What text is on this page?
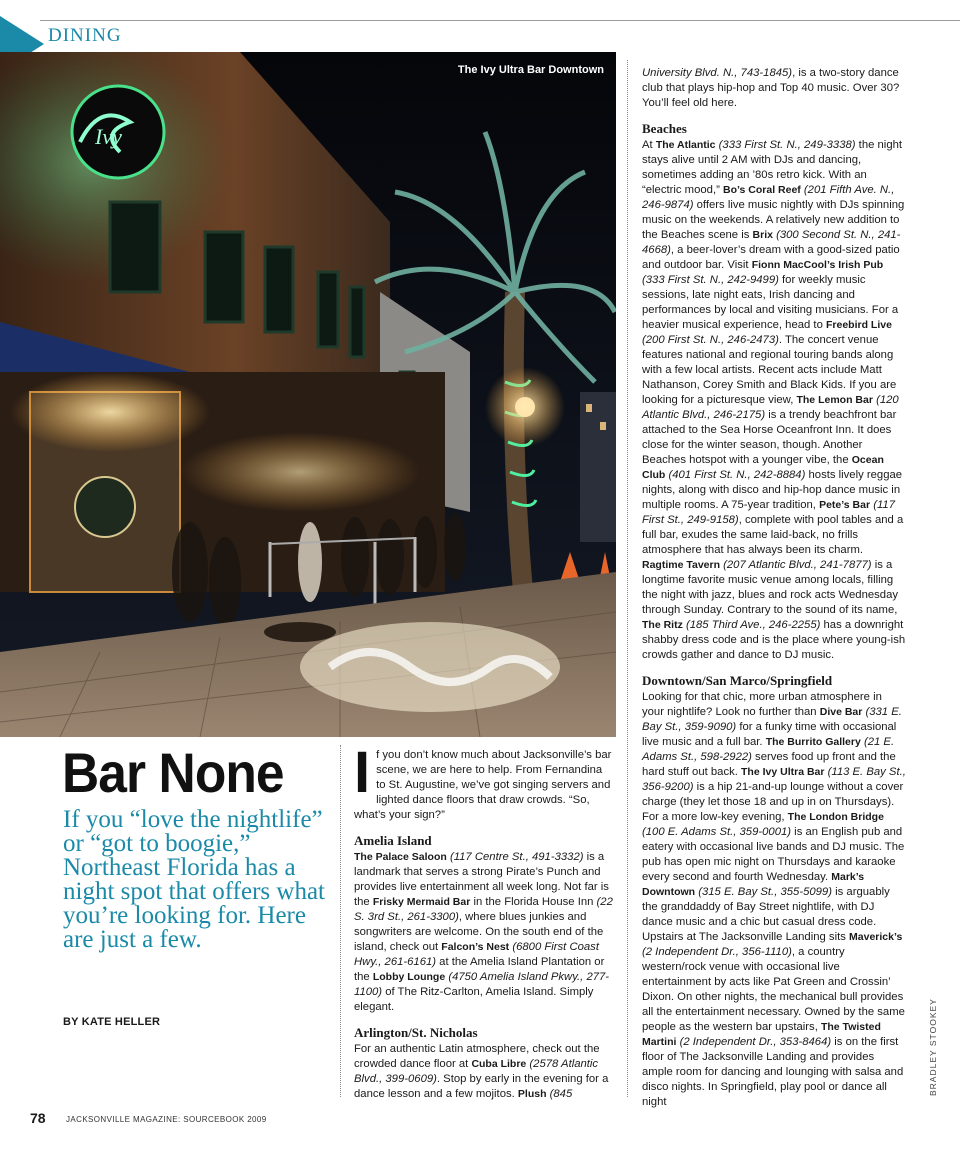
DINING
Ivy
The Ivy Ultra Bar Downtown
Bar None
If you “love the nightlife” or “got to boogie,” Northeast Florida has a night spot that offers what you’re looking for. Here are just a few.
BY KATE HELLER

If you don’t know much about Jacksonville’s bar scene, we are here to help. From Fernandina to St. Augustine, we’ve got singing servers and lighted dance floors that draw crowds. “So, what’s your sign?”

Amelia Island

The Palace Saloon (117 Centre St., 491-3332) is a landmark that serves a strong Pirate’s Punch and provides live entertainment all week long. Not far is the Frisky Mermaid Bar in the Florida House Inn (22 S. 3rd St., 261-3300), where blues junkies and songwriters are welcome. On the south end of the island, check out Falcon’s Nest (6800 First Coast Hwy., 261-6161) at the Amelia Island Plantation or the Lobby Lounge (4750 Amelia Island Pkwy., 277-1100) of The Ritz-Carlton, Amelia Island. Simply elegant.

Arlington/St. Nicholas

For an authentic Latin atmosphere, check out the crowded dance floor at Cuba Libre (2578 Atlantic Blvd., 399-0609). Stop by early in the evening for a dance lesson and a few mojitos. Plush (845

University Blvd. N., 743-1845), is a two-story dance club that plays hip-hop and Top 40 music. Over 30? You’ll feel old here.

Beaches

At The Atlantic (333 First St. N., 249-3338) the night stays alive until 2 AM with DJs and dancing, sometimes adding an ’80s retro kick. With an “electric mood,” Bo’s Coral Reef (201 Fifth Ave. N., 246-9874) offers live music nightly with DJs spinning music on the weekends. A relatively new addition to the Beaches scene is Brix (300 Second St. N., 241-4668), a beer-lover’s dream with a good-sized patio and outdoor bar. Visit Fionn MacCool’s Irish Pub (333 First St. N., 242-9499) for weekly music sessions, late night eats, Irish dancing and performances by local and visiting musicians. For a heavier musical experience, head to Freebird Live (200 First St. N., 246-2473). The concert venue features national and regional touring bands along with a few local artists. Recent acts include Matt Nathanson, Corey Smith and Black Kids. If you are looking for a picturesque view, The Lemon Bar (120 Atlantic Blvd., 246-2175) is a trendy beachfront bar attached to the Sea Horse Oceanfront Inn. It does close for the winter season, though. Another Beaches hotspot with a younger vibe, the Ocean Club (401 First St. N., 242-8884) hosts lively reggae nights, along with disco and hip-hop dance music in multiple rooms. A 75-year tradition, Pete’s Bar (117 First St., 249-9158), complete with pool tables and a full bar, exudes the same laid-back, no frills atmosphere that has always been its charm. Ragtime Tavern (207 Atlantic Blvd., 241-7877) is a longtime favorite music venue among locals, filling the night with jazz, blues and rock acts Wednesday through Sunday. Contrary to the sound of its name, The Ritz (185 Third Ave., 246-2255) has a downright shabby dress code and is the place where young-ish crowds gather and dance to DJ music.

Downtown/San Marco/Springfield

Looking for that chic, more urban atmosphere in your nightlife? Look no further than Dive Bar (331 E. Bay St., 359-9090) for a funky time with occasional live music and a full bar. The Burrito Gallery (21 E. Adams St., 598-2922) serves food up front and the hard stuff out back. The Ivy Ultra Bar (113 E. Bay St., 356-9200) is a hip 21-and-up lounge without a cover charge (they let those 18 and up in on Thursdays). For a more low-key evening, The London Bridge (100 E. Adams St., 359-0001) is an English pub and eatery with occasional live bands and DJ music. The pub has open mic night on Thursdays and karaoke every second and fourth Wednesday. Mark’s Downtown (315 E. Bay St., 355-5099) is arguably the granddaddy of Bay Street nightlife, with DJ dance music and a chic but casual dress code. Upstairs at The Jacksonville Landing sits Maverick’s (2 Independent Dr., 356-1110), a country western/rock venue with occasional live entertainment by acts like Pat Green and Crossin’ Dixon. On other nights, the mechanical bull provides all the entertainment necessary. Owned by the same people as the western bar upstairs, The Twisted Martini (2 Independent Dr., 353-8464) is on the first floor of The Jacksonville Landing and provides ample room for dancing and lounging with salsa and disco nights. In Springfield, play pool or dance all night

BRADLEY STOOKEY
78	JACKSONVILLE MAGAZINE: SOURCEBOOK 2009
